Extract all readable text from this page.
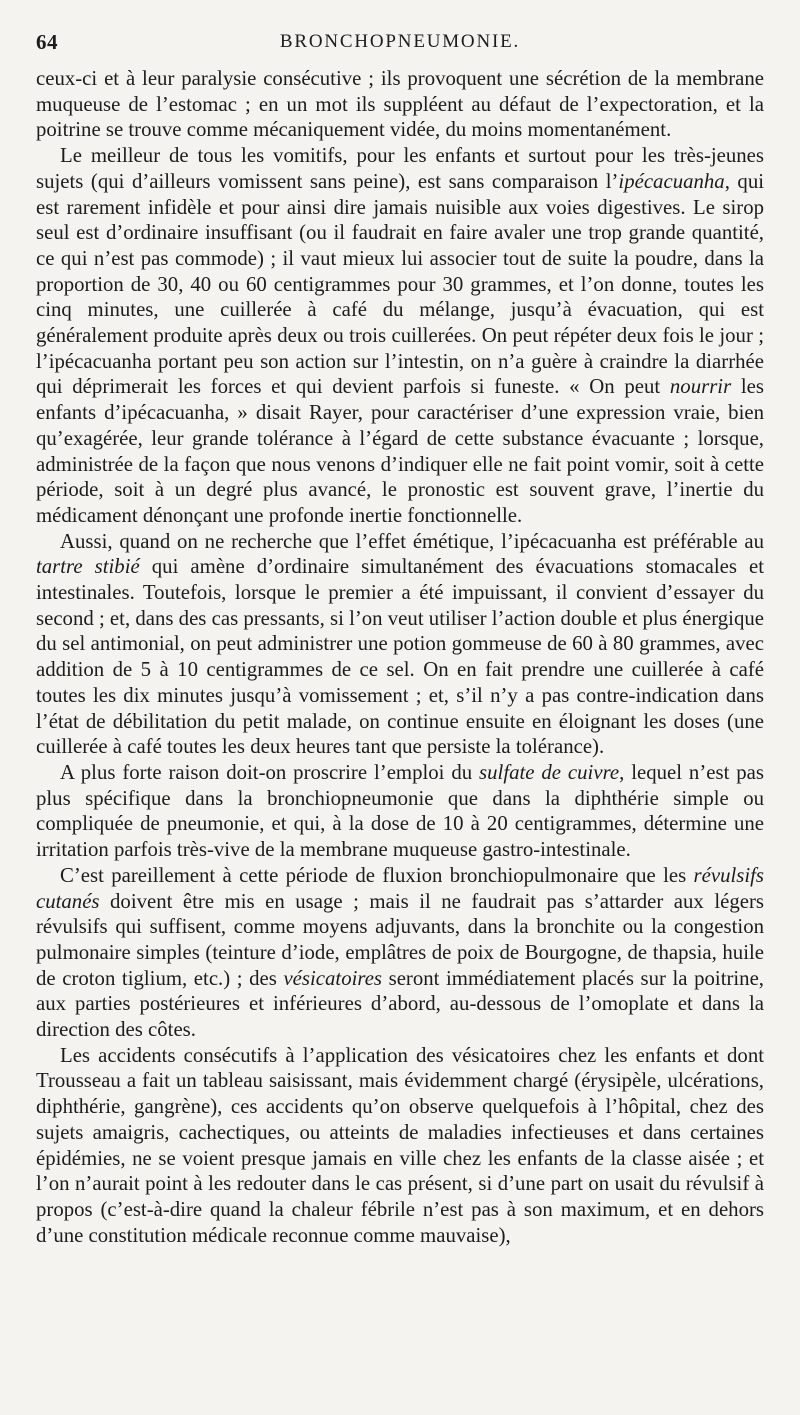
64	BRONCHOPNEUMONIE.

ceux-ci et à leur paralysie consécutive ; ils provoquent une sécrétion de la membrane muqueuse de l’estomac ; en un mot ils suppléent au défaut de l’expectoration, et la poitrine se trouve comme mécaniquement vidée, du moins momentanément.

Le meilleur de tous les vomitifs, pour les enfants et surtout pour les très-jeunes sujets (qui d’ailleurs vomissent sans peine), est sans comparaison l’ipécacuanha, qui est rarement infidèle et pour ainsi dire jamais nuisible aux voies digestives. Le sirop seul est d’ordinaire insuffisant (ou il faudrait en faire avaler une trop grande quantité, ce qui n’est pas commode) ; il vaut mieux lui associer tout de suite la poudre, dans la proportion de 30, 40 ou 60 centigrammes pour 30 grammes, et l’on donne, toutes les cinq minutes, une cuillerée à café du mélange, jusqu’à évacuation, qui est généralement produite après deux ou trois cuillerées. On peut répéter deux fois le jour ; l’ipécacuanha portant peu son action sur l’intestin, on n’a guère à craindre la diarrhée qui déprimerait les forces et qui devient parfois si funeste. « On peut nourrir les enfants d’ipécacuanha, » disait Rayer, pour caractériser d’une expression vraie, bien qu’exagérée, leur grande tolérance à l’égard de cette substance évacuante ; lorsque, administrée de la façon que nous venons d’indiquer elle ne fait point vomir, soit à cette période, soit à un degré plus avancé, le pronostic est souvent grave, l’inertie du médicament dénonçant une profonde inertie fonctionnelle.

Aussi, quand on ne recherche que l’effet émétique, l’ipécacuanha est préférable au tartre stibié qui amène d’ordinaire simultanément des évacuations stomacales et intestinales. Toutefois, lorsque le premier a été impuissant, il convient d’essayer du second ; et, dans des cas pressants, si l’on veut utiliser l’action double et plus énergique du sel antimonial, on peut administrer une potion gommeuse de 60 à 80 grammes, avec addition de 5 à 10 centigrammes de ce sel. On en fait prendre une cuillerée à café toutes les dix minutes jusqu’à vomissement ; et, s’il n’y a pas contre-indication dans l’état de débilitation du petit malade, on continue ensuite en éloignant les doses (une cuillerée à café toutes les deux heures tant que persiste la tolérance).

A plus forte raison doit-on proscrire l’emploi du sulfate de cuivre, lequel n’est pas plus spécifique dans la bronchiopneumonie que dans la diphthérie simple ou compliquée de pneumonie, et qui, à la dose de 10 à 20 centigrammes, détermine une irritation parfois très-vive de la membrane muqueuse gastro-intestinale.

C’est pareillement à cette période de fluxion bronchiopulmonaire que les révulsifs cutanés doivent être mis en usage ; mais il ne faudrait pas s’attarder aux légers révulsifs qui suffisent, comme moyens adjuvants, dans la bronchite ou la congestion pulmonaire simples (teinture d’iode, emplâtres de poix de Bourgogne, de thapsia, huile de croton tiglium, etc.) ; des vésicatoires seront immédiatement placés sur la poitrine, aux parties postérieures et inférieures d’abord, au-dessous de l’omoplate et dans la direction des côtes.

Les accidents consécutifs à l’application des vésicatoires chez les enfants et dont Trousseau a fait un tableau saisissant, mais évidemment chargé (érysipèle, ulcérations, diphthérie, gangrène), ces accidents qu’on observe quelquefois à l’hôpital, chez des sujets amaigris, cachectiques, ou atteints de maladies infectieuses et dans certaines épidémies, ne se voient presque jamais en ville chez les enfants de la classe aisée ; et l’on n’aurait point à les redouter dans le cas présent, si d’une part on usait du révulsif à propos (c’est-à-dire quand la chaleur fébrile n’est pas à son maximum, et en dehors d’une constitution médicale reconnue comme mauvaise),
